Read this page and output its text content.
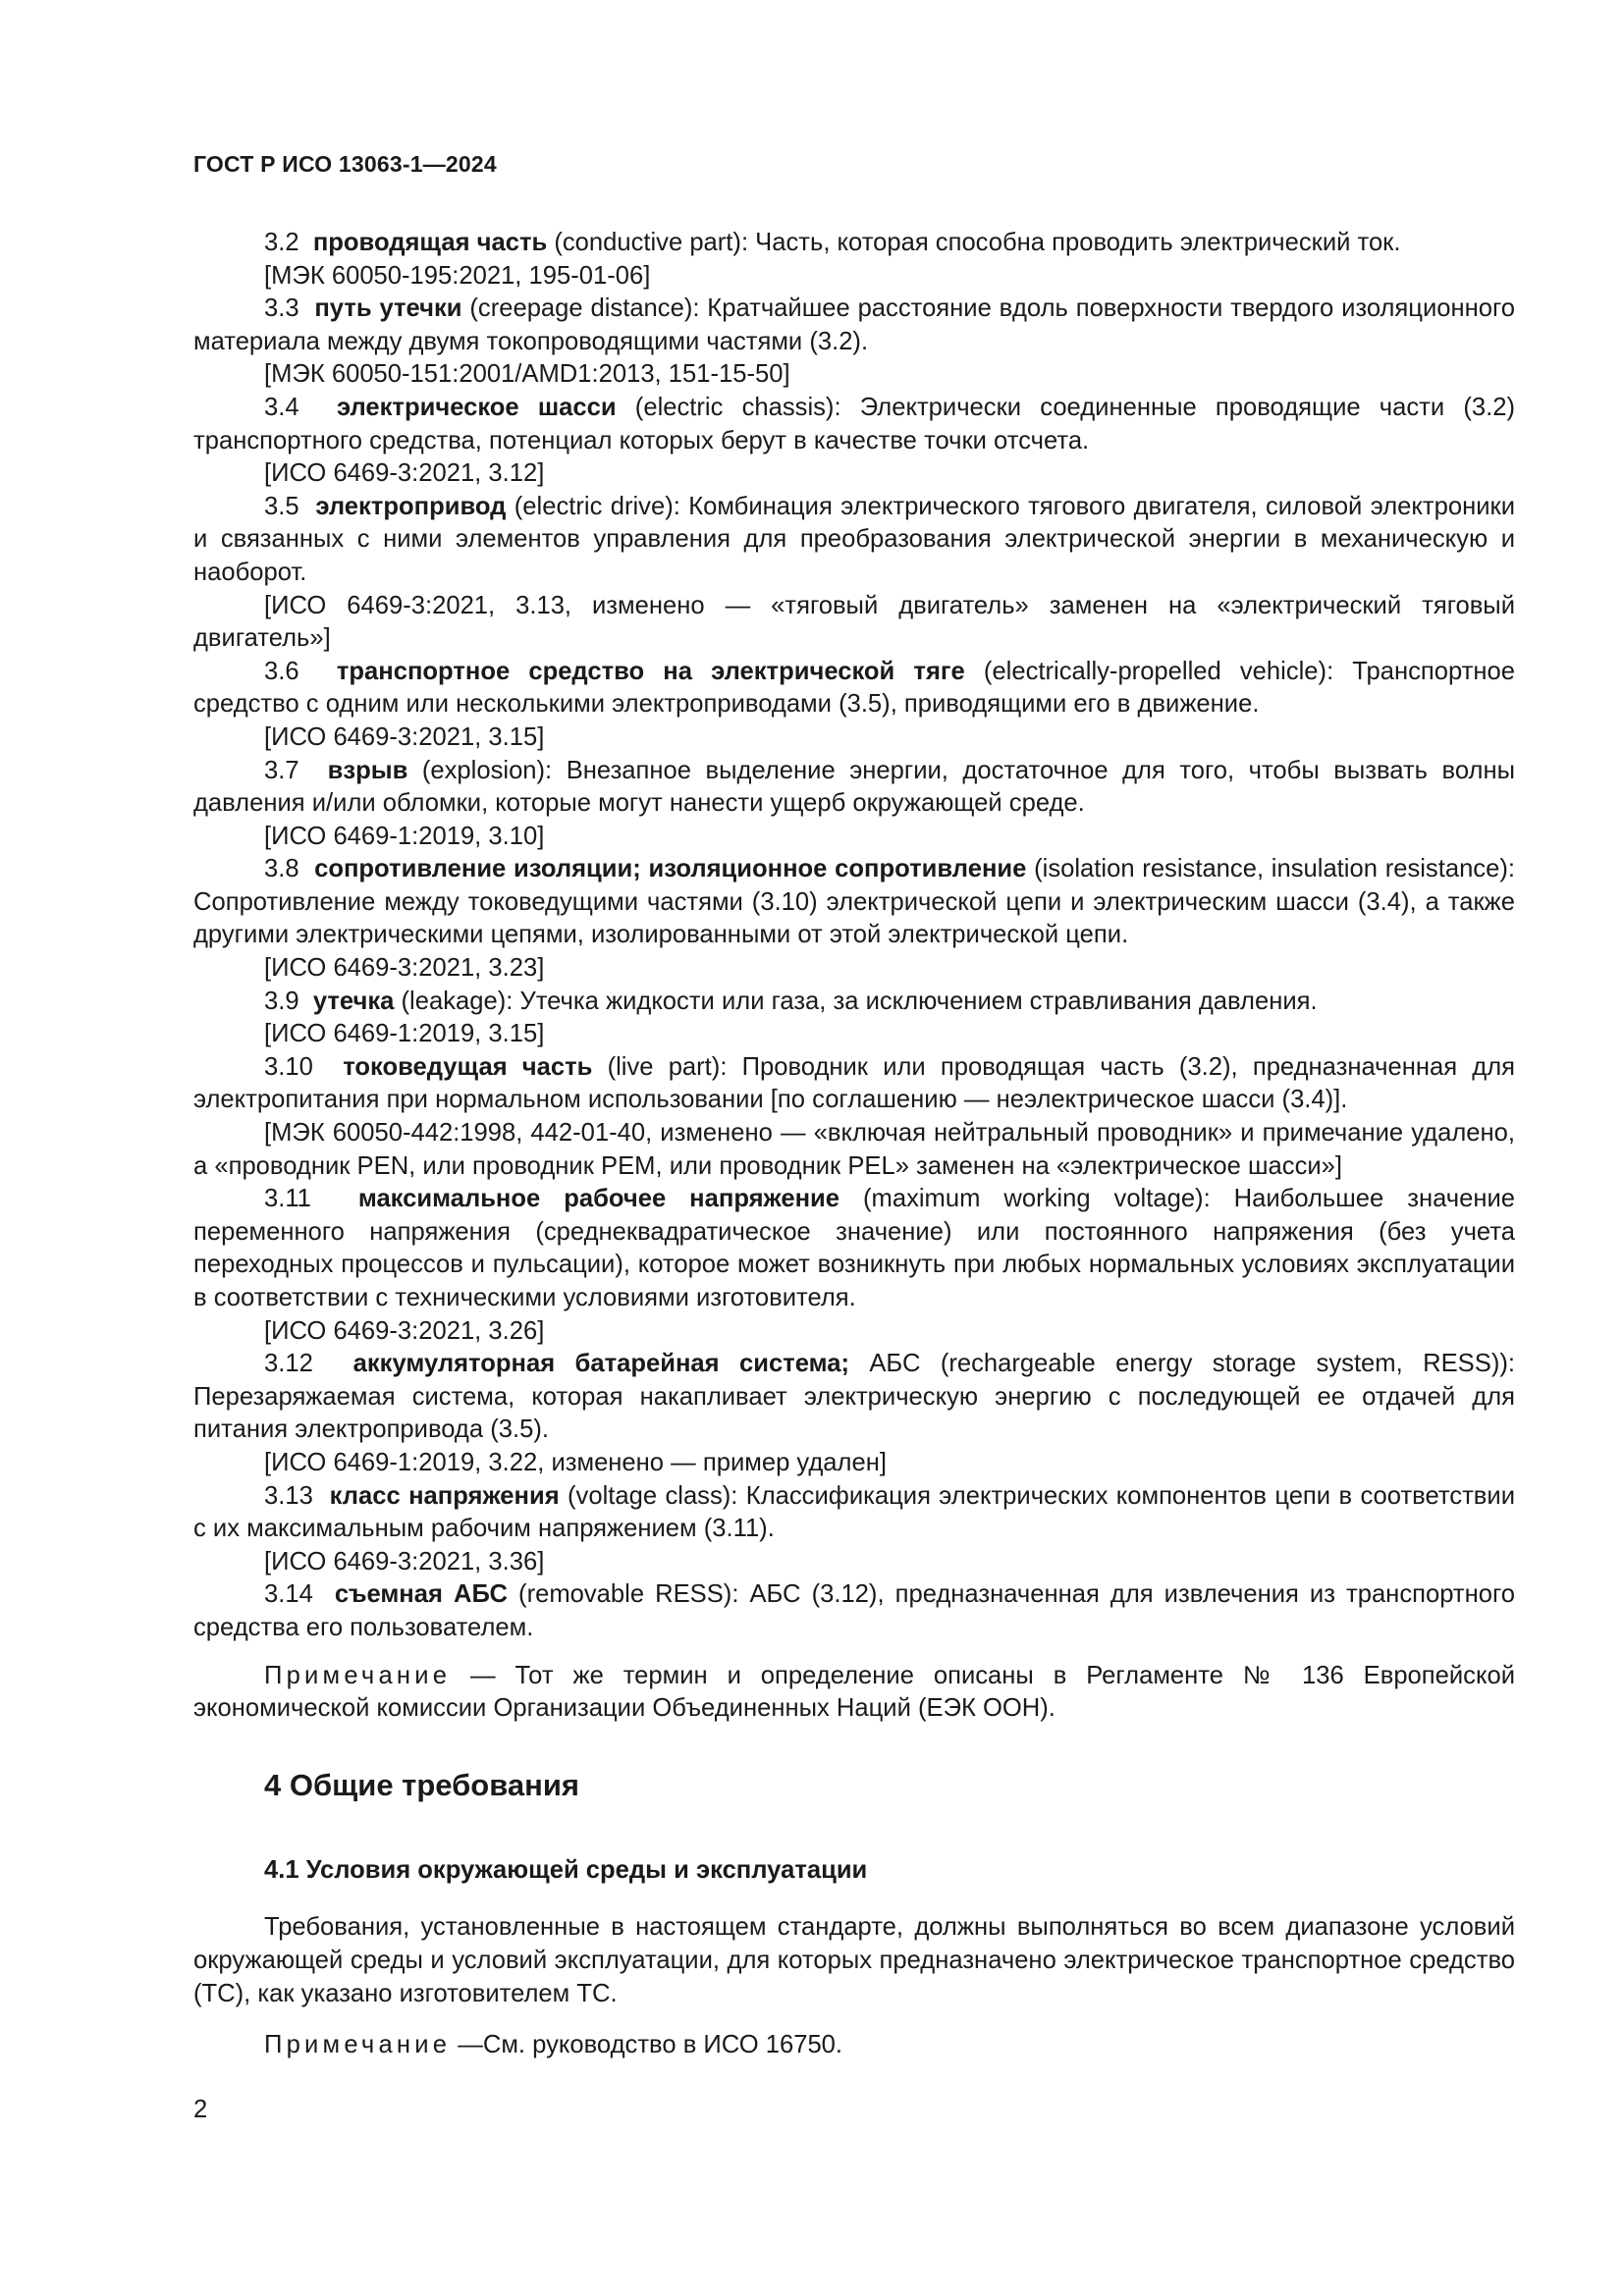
ГОСТ Р ИСО 13063-1—2024

3.2 проводящая часть (conductive part): Часть, которая способна проводить электрический ток.

[МЭК 60050-195:2021, 195-01-06]

3.3 путь утечки (creepage distance): Кратчайшее расстояние вдоль поверхности твердого изоляционного материала между двумя токопроводящими частями (3.2).

[МЭК 60050-151:2001/AMD1:2013, 151-15-50]

3.4 электрическое шасси (electric chassis): Электрически соединенные проводящие части (3.2) транспортного средства, потенциал которых берут в качестве точки отсчета.

[ИСО 6469-3:2021, 3.12]

3.5 электропривод (electric drive): Комбинация электрического тягового двигателя, силовой электроники и связанных с ними элементов управления для преобразования электрической энергии в механическую и наоборот.

[ИСО 6469-3:2021, 3.13, изменено — «тяговый двигатель» заменен на «электрический тяговый двигатель»]

3.6 транспортное средство на электрической тяге (electrically-propelled vehicle): Транспортное средство с одним или несколькими электроприводами (3.5), приводящими его в движение.

[ИСО 6469-3:2021, 3.15]

3.7 взрыв (explosion): Внезапное выделение энергии, достаточное для того, чтобы вызвать волны давления и/или обломки, которые могут нанести ущерб окружающей среде.

[ИСО 6469-1:2019, 3.10]

3.8 сопротивление изоляции; изоляционное сопротивление (isolation resistance, insulation resistance): Сопротивление между токоведущими частями (3.10) электрической цепи и электрическим шасси (3.4), а также другими электрическими цепями, изолированными от этой электрической цепи.

[ИСО 6469-3:2021, 3.23]

3.9 утечка (leakage): Утечка жидкости или газа, за исключением стравливания давления.

[ИСО 6469-1:2019, 3.15]

3.10 токоведущая часть (live part): Проводник или проводящая часть (3.2), предназначенная для электропитания при нормальном использовании [по соглашению — неэлектрическое шасси (3.4)].

[МЭК 60050-442:1998, 442-01-40, изменено — «включая нейтральный проводник» и примечание удалено, а «проводник PEN, или проводник PEM, или проводник PEL» заменен на «электрическое шасси»]

3.11 максимальное рабочее напряжение (maximum working voltage): Наибольшее значение переменного напряжения (среднеквадратическое значение) или постоянного напряжения (без учета переходных процессов и пульсации), которое может возникнуть при любых нормальных условиях эксплуатации в соответствии с техническими условиями изготовителя.

[ИСО 6469-3:2021, 3.26]

3.12 аккумуляторная батарейная система; АБС (rechargeable energy storage system, RESS)): Перезаряжаемая система, которая накапливает электрическую энергию с последующей ее отдачей для питания электропривода (3.5).

[ИСО 6469-1:2019, 3.22, изменено — пример удален]

3.13 класс напряжения (voltage class): Классификация электрических компонентов цепи в соответствии с их максимальным рабочим напряжением (3.11).

[ИСО 6469-3:2021, 3.36]

3.14 съемная АБС (removable RESS): АБС (3.12), предназначенная для извлечения из транспортного средства его пользователем.

Примечание — Тот же термин и определение описаны в Регламенте № 136 Европейской экономической комиссии Организации Объединенных Наций (ЕЭК ООН).

4 Общие требования
4.1 Условия окружающей среды и эксплуатации

Требования, установленные в настоящем стандарте, должны выполняться во всем диапазоне условий окружающей среды и условий эксплуатации, для которых предназначено электрическое транспортное средство (ТС), как указано изготовителем ТС.

Примечание —См. руководство в ИСО 16750.

2
